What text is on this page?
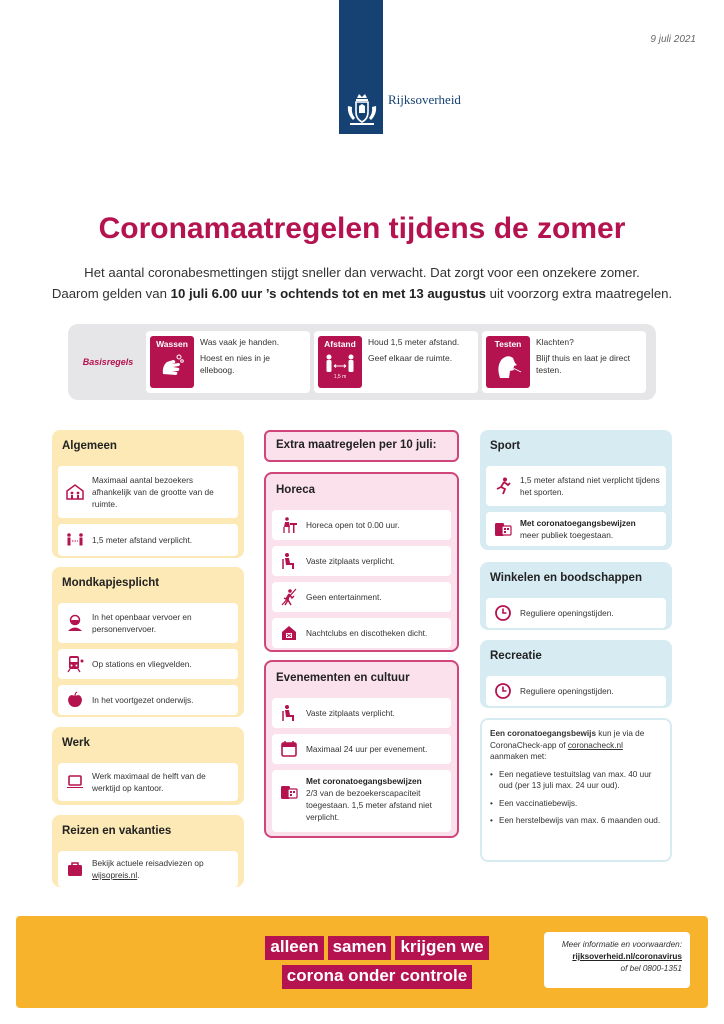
9 juli 2021
Rijksoverheid
Coronamaatregelen tijdens de zomer
Het aantal coronabesmettingen stijgt sneller dan verwacht. Dat zorgt voor een onzekere zomer.
Daarom gelden van 10 juli 6.00 uur ’s ochtends tot en met 13 augustus uit voorzorg extra maatregelen.
Basisregels
Wassen	Was vaak je handen.

Hoest en nies in je elleboog.

Afstand
1,5 m

Houd 1,5 meter afstand.

Geef elkaar de ruimte.

Testen	Klachten?

Blijf thuis en laat je direct testen.

Algemeen
Maximaal aantal bezoekers afhankelijk van de grootte van de ruimte.
1,5 meter afstand verplicht.
Mondkapjesplicht
In het openbaar vervoer en personenvervoer.
Op stations en vliegvelden.
In het voortgezet onderwijs.
Werk
Werk maximaal de helft van de werktijd op kantoor.
Reizen en vakanties
Bekijk actuele reisadviezen op wijsopreis.nl.
Extra maatregelen per 10 juli:
Horeca
Horeca open tot 0.00 uur.
Vaste zitplaats verplicht.
Geen entertainment.
Nachtclubs en discotheken dicht.
Evenementen en cultuur
Vaste zitplaats verplicht.
Maximaal 24 uur per evenement.
Met coronatoegangsbewijzen
2/3 van de bezoekerscapaciteit toegestaan. 1,5 meter afstand niet verplicht.
Sport
1,5 meter afstand niet verplicht tijdens het sporten.
Met coronatoegangsbewijzen
meer publiek toegestaan.
Winkelen en boodschappen
Reguliere openingstijden.
Recreatie
Reguliere openingstijden.
Een coronatoegangsbewijs kun je via de CoronaCheck-app of coronacheck.nl aanmaken met:
• Een negatieve testuitslag van max. 40 uur oud (per 13 juli max. 24 uur oud).
• Een vaccinatiebewijs.
• Een herstelbewijs van max. 6 maanden oud.
alleen samen krijgen we
corona onder controle
Meer informatie en voorwaarden:
rijksoverheid.nl/coronavirus
of bel 0800-1351
